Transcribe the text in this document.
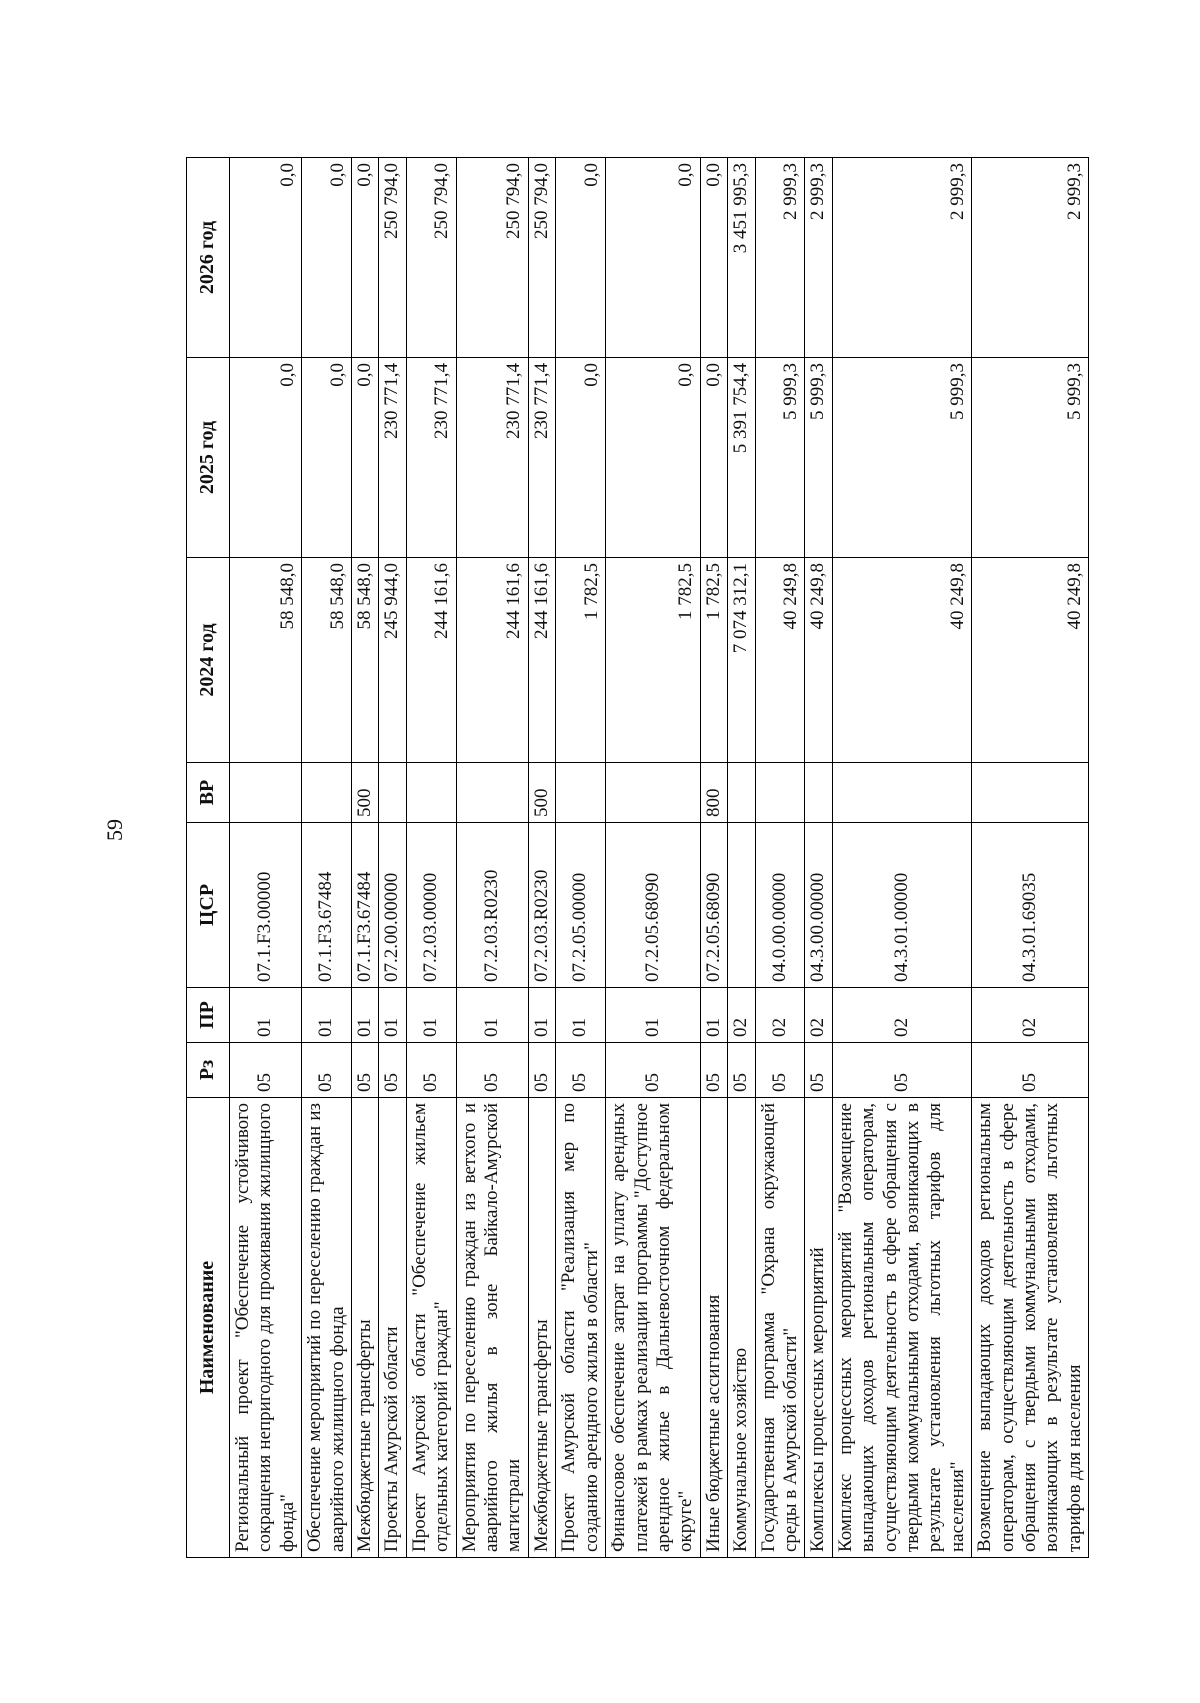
59
Наименование	Рз	ПР	ЦСР	ВР	2024 год	2025 год	2026 год
Региональный проект "Обеспечение устойчивого сокращения непригодного для проживания жилищного фонда"	05	01	07.1.F3.00000		58 548,0	0,0	0,0
Обеспечение мероприятий по переселению граждан из аварийного жилищного фонда	05	01	07.1.F3.67484		58 548,0	0,0	0,0
Межбюджетные трансферты	05	01	07.1.F3.67484	500	58 548,0	0,0	0,0
Проекты Амурской области	05	01	07.2.00.00000		245 944,0	230 771,4	250 794,0
Проект Амурской области "Обеспечение жильем отдельных категорий граждан"	05	01	07.2.03.00000		244 161,6	230 771,4	250 794,0
Мероприятия по переселению граждан из ветхого и аварийного жилья в зоне Байкало-Амурской магистрали	05	01	07.2.03.R0230		244 161,6	230 771,4	250 794,0
Межбюджетные трансферты	05	01	07.2.03.R0230	500	244 161,6	230 771,4	250 794,0
Проект Амурской области "Реализация мер по созданию арендного жилья в области"	05	01	07.2.05.00000		1 782,5	0,0	0,0
Финансовое обеспечение затрат на уплату арендных платежей в рамках реализации программы "Доступное арендное жилье в Дальневосточном федеральном округе"	05	01	07.2.05.68090		1 782,5	0,0	0,0
Иные бюджетные ассигнования	05	01	07.2.05.68090	800	1 782,5	0,0	0,0
Коммунальное хозяйство	05	02			7 074 312,1	5 391 754,4	3 451 995,3
Государственная программа "Охрана окружающей среды в Амурской области"	05	02	04.0.00.00000		40 249,8	5 999,3	2 999,3
Комплексы процессных мероприятий	05	02	04.3.00.00000		40 249,8	5 999,3	2 999,3
Комплекс процессных мероприятий "Возмещение выпадающих доходов региональным операторам, осуществляющим деятельность в сфере обращения с твердыми коммунальными отходами, возникающих в результате установления льготных тарифов для населения"	05	02	04.3.01.00000		40 249,8	5 999,3	2 999,3
Возмещение выпадающих доходов региональным операторам, осуществляющим деятельность в сфере обращения с твердыми коммунальными отходами, возникающих в результате установления льготных тарифов для населения	05	02	04.3.01.69035		40 249,8	5 999,3	2 999,3
